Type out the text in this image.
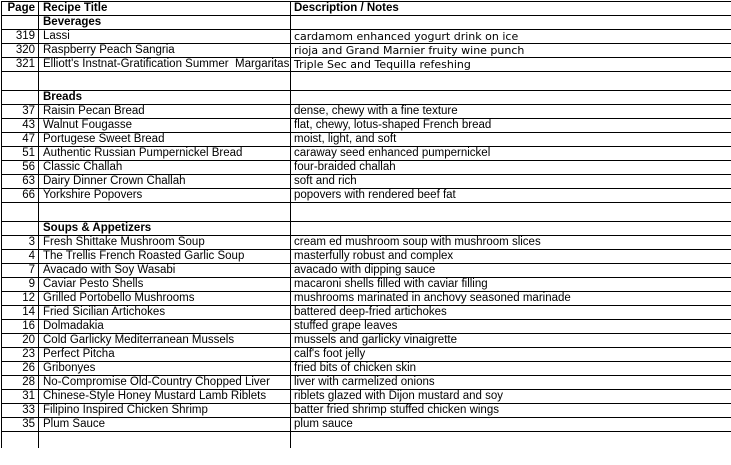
Page	Recipe Title	Description / Notes
	Beverages	
319	Lassi	cardamom enhanced yogurt drink on ice
320	Raspberry Peach Sangria	rioja and Grand Marnier fruity wine punch
321	Elliott's Instnat-Gratification Summer  Margaritas	Triple Sec and Tequilla refeshing

	Breads	
37	Raisin Pecan Bread	dense, chewy with a fine texture
43	Walnut Fougasse	flat, chewy, lotus-shaped French bread
47	Portugese Sweet Bread	moist, light, and soft
51	Authentic Russian Pumpernickel Bread	caraway seed enhanced pumpernickel
56	Classic Challah	four-braided challah
63	Dairy Dinner Crown Challah	soft and rich
66	Yorkshire Popovers	popovers with rendered beef fat

	Soups & Appetizers	
3	Fresh Shittake Mushroom Soup	cream ed mushroom soup with mushroom slices
4	The Trellis French Roasted Garlic Soup	masterfully robust and complex
7	Avacado with Soy Wasabi	avacado with dipping sauce
9	Caviar Pesto Shells	macaroni shells filled with caviar filling
12	Grilled Portobello Mushrooms	mushrooms marinated in anchovy seasoned marinade
14	Fried Sicilian Artichokes	battered deep-fried artichokes
16	Dolmadakia	stuffed grape leaves
20	Cold Garlicky Mediterranean Mussels	mussels and garlicky vinaigrette
23	Perfect Pitcha	calf's foot jelly
26	Gribonyes	fried bits of chicken skin
28	No-Compromise Old-Country Chopped Liver	liver with carmelized onions
31	Chinese-Style Honey Mustard Lamb Riblets	riblets glazed with Dijon mustard and soy
33	Filipino Inspired Chicken Shrimp	batter fried shrimp stuffed chicken wings
35	Plum Sauce	plum sauce
